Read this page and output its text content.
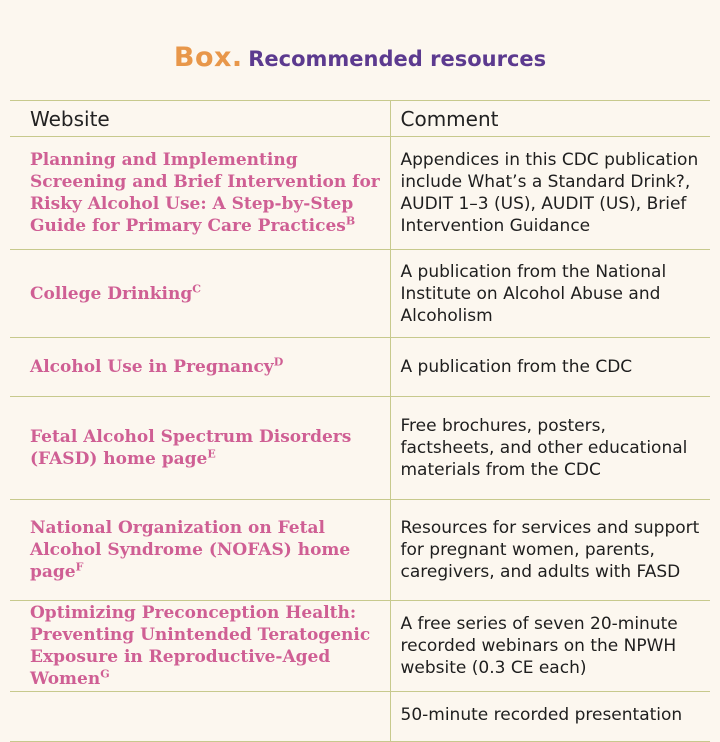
Box. Recommended resources
Website	Comment
Planning and Implementing Screening and Brief Intervention for Risky Alcohol Use: A Step-by-Step Guide for Primary Care Practices$^B$	Appendices in this CDC publication include What’s a Standard Drink?, AUDIT 1–3 (US), AUDIT (US), Brief Intervention Guidance
College Drinking$^C$	A publication from the National Institute on Alcohol Abuse and Alcoholism
Alcohol Use in Pregnancy$^D$	A publication from the CDC
Fetal Alcohol Spectrum Disorders (FASD) home page$^E$	Free brochures, posters, factsheets, and other educational materials from the CDC
National Organization on Fetal Alcohol Syndrome (NOFAS) home page$^F$	Resources for services and support for pregnant women, parents, caregivers, and adults with FASD
Optimizing Preconception Health: Preventing Unintended Teratogenic Exposure in Reproductive-Aged Women$^G$	A free series of seven 20-minute recorded webinars on the NPWH website (0.3 CE each)
	50-minute recorded presentation
